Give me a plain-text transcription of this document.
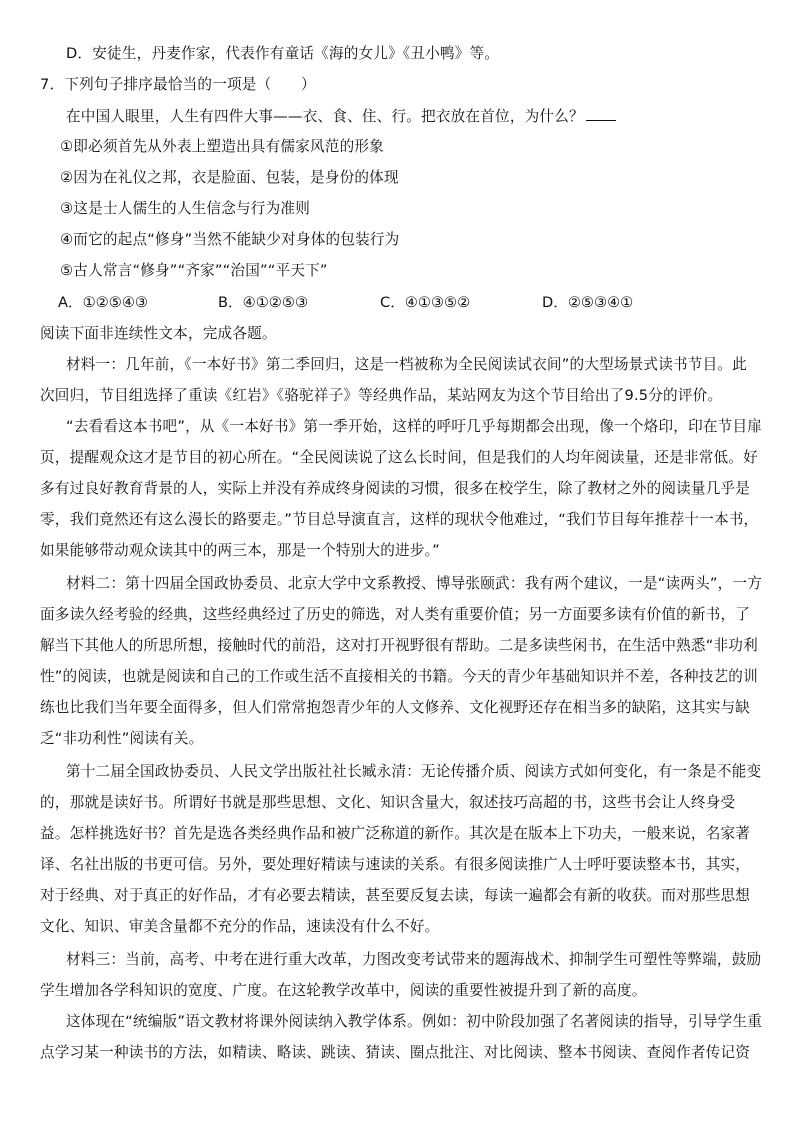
D．安徒生，丹麦作家，代表作有童话《海的女儿》《丑小鸭》等。
7．下列句子排序最恰当的一项是（　　）
在中国人眼里，人生有四件大事——衣、食、住、行。把衣放在首位，为什么？
①即必须首先从外表上塑造出具有儒家风范的形象
②因为在礼仪之邦，衣是脸面、包装，是身份的体现
③这是士人儒生的人生信念与行为准则
④而它的起点“修身”当然不能缺少对身体的包装行为
⑤古人常言“修身”“齐家”“治国”“平天下”
A．①②⑤④③	B．④①②⑤③	C．④①③⑤②	D．②⑤③④①
阅读下面非连续性文本，完成各题。
材料一：几年前，《一本好书》第二季回归，这是一档被称为全民阅读试衣间”的大型场景式读书节目。此
次回归，节目组选择了重读《红岩》《骆驼祥子》等经典作品，某站网友为这个节目给出了9.5分的评价。
“去看看这本书吧”，从《一本好书》第一季开始，这样的呼吁几乎每期都会出现，像一个烙印，印在节目扉
页，提醒观众这才是节目的初心所在。“全民阅读说了这么长时间，但是我们的人均年阅读量，还是非常低。好
多有过良好教育背景的人，实际上并没有养成终身阅读的习惯，很多在校学生，除了教材之外的阅读量几乎是
零，我们竟然还有这么漫长的路要走。”节目总导演直言，这样的现状令他难过，“我们节目每年推荐十一本书，
如果能够带动观众读其中的两三本，那是一个特别大的进步。”
材料二：第十四届全国政协委员、北京大学中文系教授、博导张颐武：我有两个建议，一是“读两头”，一方
面多读久经考验的经典，这些经典经过了历史的筛选，对人类有重要价值；另一方面要多读有价值的新书，了
解当下其他人的所思所想，接触时代的前沿，这对打开视野很有帮助。二是多读些闲书，在生活中熟悉“非功利
性”的阅读，也就是阅读和自己的工作或生活不直接相关的书籍。今天的青少年基础知识并不差，各种技艺的训
练也比我们当年要全面得多，但人们常常抱怨青少年的人文修养、文化视野还存在相当多的缺陷，这其实与缺
乏“非功利性”阅读有关。
第十二届全国政协委员、人民文学出版社社长臧永清：无论传播介质、阅读方式如何变化，有一条是不能变
的，那就是读好书。所谓好书就是那些思想、文化、知识含量大，叙述技巧高超的书，这些书会让人终身受
益。怎样挑选好书？首先是选各类经典作品和被广泛称道的新作。其次是在版本上下功夫，一般来说，名家著
译、名社出版的书更可信。另外，要处理好精读与速读的关系。有很多阅读推广人士呼吁要读整本书，其实，
对于经典、对于真正的好作品，才有必要去精读，甚至要反复去读，每读一遍都会有新的收获。而对那些思想
文化、知识、审美含量都不充分的作品，速读没有什么不好。
材料三：当前，高考、中考在进行重大改革，力图改变考试带来的题海战术、抑制学生可塑性等弊端，鼓励
学生增加各学科知识的宽度、广度。在这轮教学改革中，阅读的重要性被提升到了新的高度。
这体现在“统编版”语文教材将课外阅读纳入教学体系。例如：初中阶段加强了名著阅读的指导，引导学生重
点学习某一种读书的方法，如精读、略读、跳读、猜读、圈点批注、对比阅读、整本书阅读、查阅作者传记资
